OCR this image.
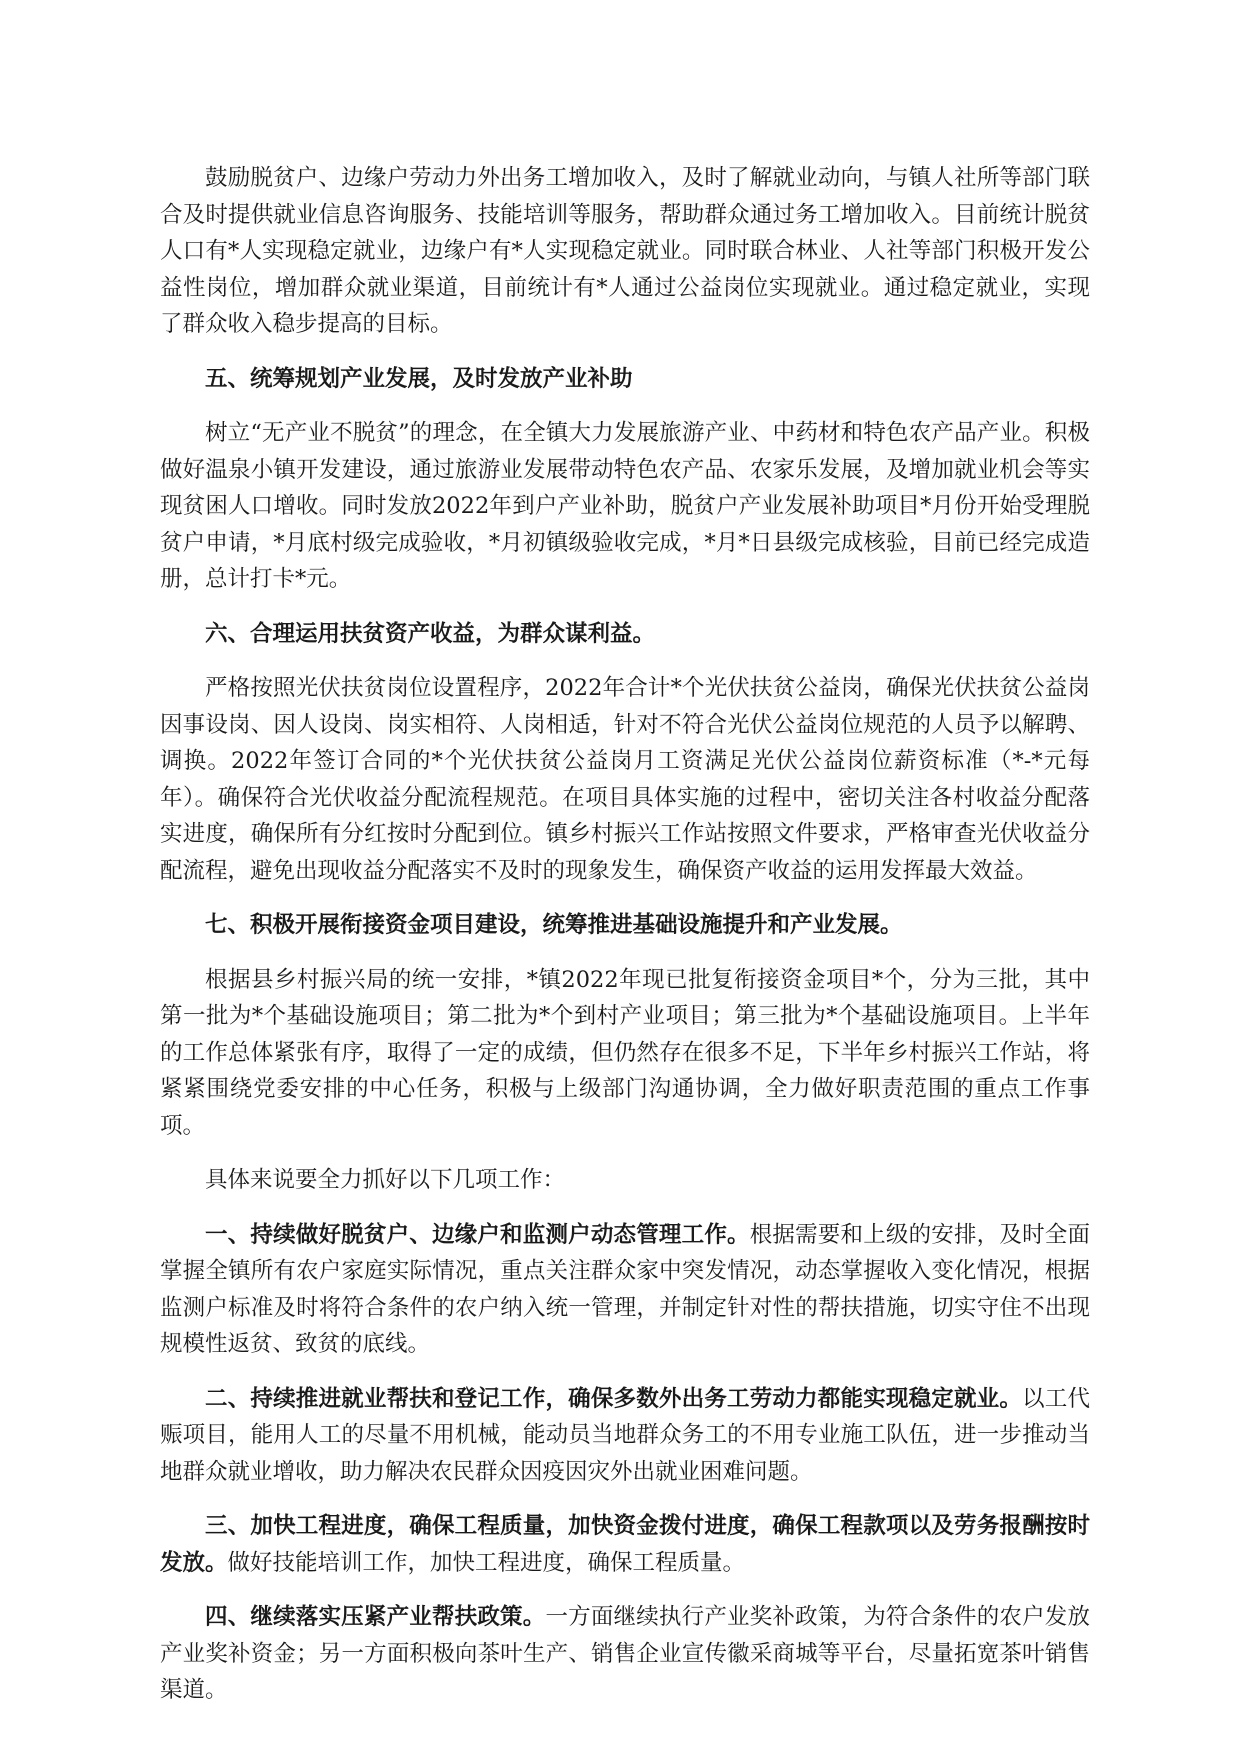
鼓励脱贫户、边缘户劳动力外出务工增加收入，及时了解就业动向，与镇人社所等部门联合及时提供就业信息咨询服务、技能培训等服务，帮助群众通过务工增加收入。目前统计脱贫人口有*人实现稳定就业，边缘户有*人实现稳定就业。同时联合林业、人社等部门积极开发公益性岗位，增加群众就业渠道，目前统计有*人通过公益岗位实现就业。通过稳定就业，实现了群众收入稳步提高的目标。

五、统筹规划产业发展，及时发放产业补助

树立“无产业不脱贫”的理念，在全镇大力发展旅游产业、中药材和特色农产品产业。积极做好温泉小镇开发建设，通过旅游业发展带动特色农产品、农家乐发展，及增加就业机会等实现贫困人口增收。同时发放2022年到户产业补助，脱贫户产业发展补助项目*月份开始受理脱贫户申请，*月底村级完成验收，*月初镇级验收完成，*月*日县级完成核验，目前已经完成造册，总计打卡*元。

六、合理运用扶贫资产收益，为群众谋利益。

严格按照光伏扶贫岗位设置程序，2022年合计*个光伏扶贫公益岗，确保光伏扶贫公益岗因事设岗、因人设岗、岗实相符、人岗相适，针对不符合光伏公益岗位规范的人员予以解聘、调换。2022年签订合同的*个光伏扶贫公益岗月工资满足光伏公益岗位薪资标准（*-*元每年）。确保符合光伏收益分配流程规范。在项目具体实施的过程中，密切关注各村收益分配落实进度，确保所有分红按时分配到位。镇乡村振兴工作站按照文件要求，严格审查光伏收益分配流程，避免出现收益分配落实不及时的现象发生，确保资产收益的运用发挥最大效益。

七、积极开展衔接资金项目建设，统筹推进基础设施提升和产业发展。

根据县乡村振兴局的统一安排，*镇2022年现已批复衔接资金项目*个，分为三批，其中第一批为*个基础设施项目；第二批为*个到村产业项目；第三批为*个基础设施项目。上半年的工作总体紧张有序，取得了一定的成绩，但仍然存在很多不足，下半年乡村振兴工作站，将紧紧围绕党委安排的中心任务，积极与上级部门沟通协调，全力做好职责范围的重点工作事项。

具体来说要全力抓好以下几项工作：

一、持续做好脱贫户、边缘户和监测户动态管理工作。根据需要和上级的安排，及时全面掌握全镇所有农户家庭实际情况，重点关注群众家中突发情况，动态掌握收入变化情况，根据监测户标准及时将符合条件的农户纳入统一管理，并制定针对性的帮扶措施，切实守住不出现规模性返贫、致贫的底线。

二、持续推进就业帮扶和登记工作，确保多数外出务工劳动力都能实现稳定就业。以工代赈项目，能用人工的尽量不用机械，能动员当地群众务工的不用专业施工队伍，进一步推动当地群众就业增收，助力解决农民群众因疫因灾外出就业困难问题。

三、加快工程进度，确保工程质量，加快资金拨付进度，确保工程款项以及劳务报酬按时发放。做好技能培训工作，加快工程进度，确保工程质量。

四、继续落实压紧产业帮扶政策。一方面继续执行产业奖补政策，为符合条件的农户发放产业奖补资金；另一方面积极向茶叶生产、销售企业宣传徽采商城等平台，尽量拓宽茶叶销售渠道。
